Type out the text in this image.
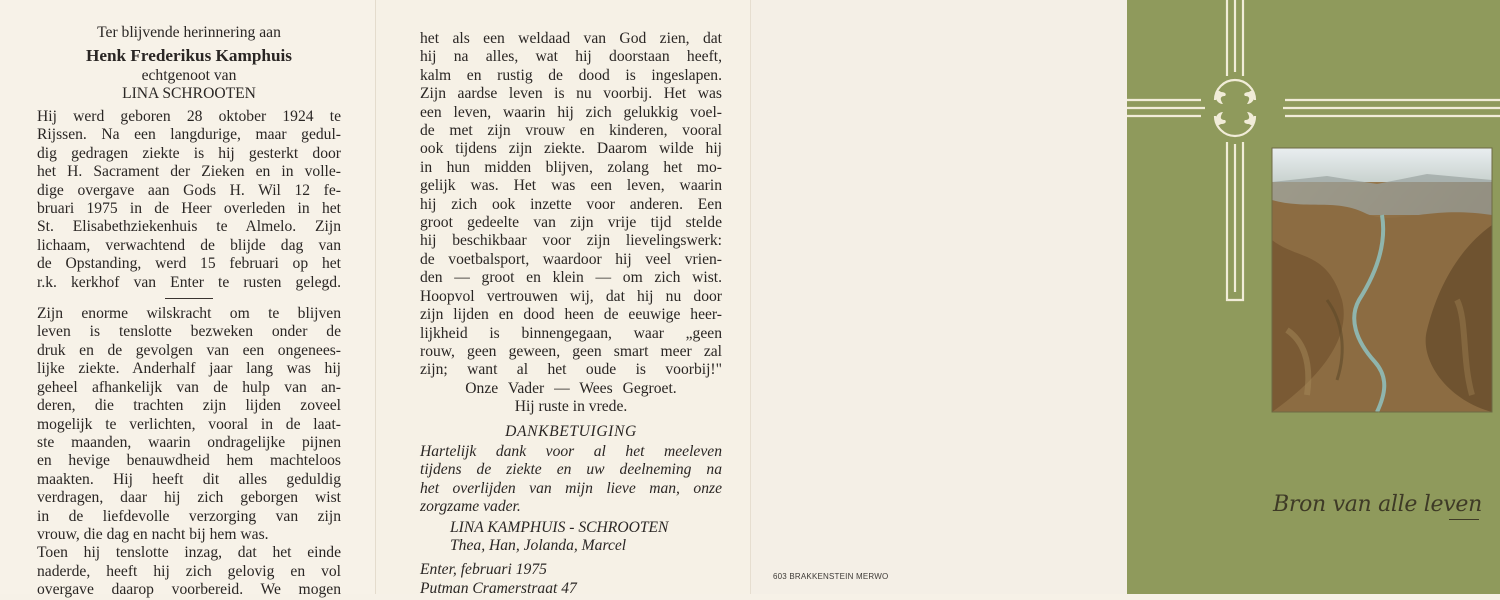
Ter blijvende herinnering aan
Henk Frederikus Kamphuis
echtgenoot van
LINA SCHROOTEN
Hij werd geboren 28 oktober 1924 te
Rijssen. Na een langdurige, maar gedul-
dig gedragen ziekte is hij gesterkt door
het H. Sacrament der Zieken en in volle-
dige overgave aan Gods H. Wil 12 fe-
bruari 1975 in de Heer overleden in het
St. Elisabethziekenhuis te Almelo. Zijn
lichaam, verwachtend de blijde dag van
de Opstanding, werd 15 februari op het
r.k. kerkhof van Enter te rusten gelegd.
Zijn enorme wilskracht om te blijven
leven is tenslotte bezweken onder de
druk en de gevolgen van een ongenees-
lijke ziekte. Anderhalf jaar lang was hij
geheel afhankelijk van de hulp van an-
deren, die trachten zijn lijden zoveel
mogelijk te verlichten, vooral in de laat-
ste maanden, waarin ondragelijke pijnen
en hevige benauwdheid hem machteloos
maakten. Hij heeft dit alles geduldig
verdragen, daar hij zich geborgen wist
in de liefdevolle verzorging van zijn
vrouw, die dag en nacht bij hem was.
Toen hij tenslotte inzag, dat het einde
naderde, heeft hij zich gelovig en vol
overgave daarop voorbereid. We mogen
het als een weldaad van God zien, dat
hij na alles, wat hij doorstaan heeft,
kalm en rustig de dood is ingeslapen.
Zijn aardse leven is nu voorbij. Het was
een leven, waarin hij zich gelukkig voel-
de met zijn vrouw en kinderen, vooral
ook tijdens zijn ziekte. Daarom wilde hij
in hun midden blijven, zolang het mo-
gelijk was. Het was een leven, waarin
hij zich ook inzette voor anderen. Een
groot gedeelte van zijn vrije tijd stelde
hij beschikbaar voor zijn lievelingswerk:
de voetbalsport, waardoor hij veel vrien-
den — groot en klein — om zich wist.
Hoopvol vertrouwen wij, dat hij nu door
zijn lijden en dood heen de eeuwige heer-
lijkheid is binnengegaan, waar „geen
rouw, geen geween, geen smart meer zal
zijn; want al het oude is voorbij!"
Onze Vader — Wees Gegroet.
Hij ruste in vrede.
DANKBETUIGING
Hartelijk dank voor al het meeleven
tijdens de ziekte en uw deelneming na
het overlijden van mijn lieve man, onze
zorgzame vader.
LINA KAMPHUIS - SCHROOTEN
Thea, Han, Jolanda, Marcel
Enter, februari 1975
Putman Cramerstraat 47
603 BRAKKENSTEIN MERWO
Bron van alle leven
